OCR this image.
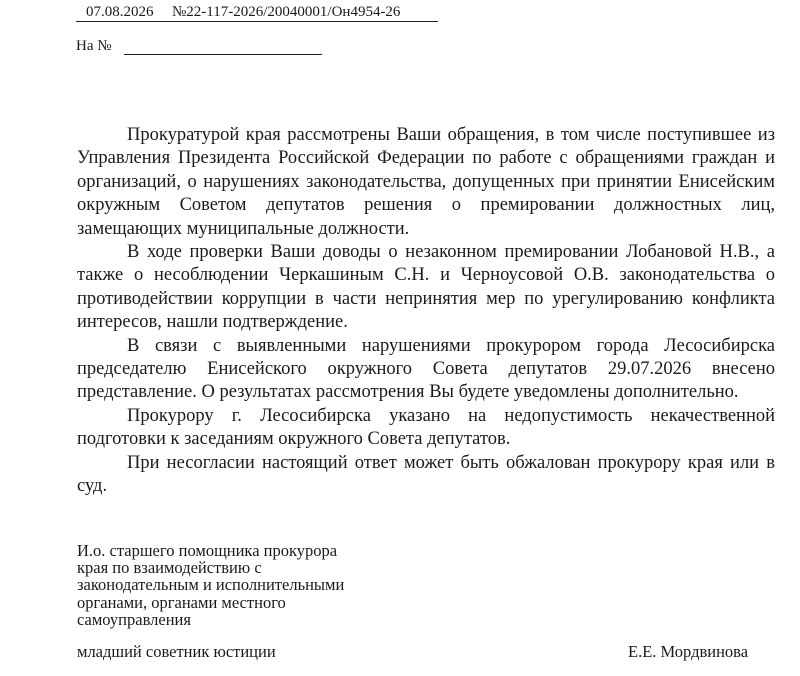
07.08.2026 №22-117-2026/20040001/Он4954-26
На №

Прокуратурой края рассмотрены Ваши обращения, в том числе поступившее из Управления Президента Российской Федерации по работе с обращениями граждан и организаций, о нарушениях законодательства, допущенных при принятии Енисейским окружным Советом депутатов решения о премировании должностных лиц, замещающих муниципальные должности.

В ходе проверки Ваши доводы о незаконном премировании Лобановой Н.В., а также о несоблюдении Черкашиным С.Н. и Черноусовой О.В. законодательства о противодействии коррупции в части непринятия мер по урегулированию конфликта интересов, нашли подтверждение.

В связи с выявленными нарушениями прокурором города Лесосибирска председателю Енисейского окружного Совета депутатов 29.07.2026 внесено представление. О результатах рассмотрения Вы будете уведомлены дополнительно.

Прокурору г. Лесосибирска указано на недопустимость некачественной подготовки к заседаниям окружного Совета депутатов.

При несогласии настоящий ответ может быть обжалован прокурору края или в суд.

И.о. старшего помощника прокурора
края по взаимодействию с
законодательным и исполнительными
органами, органами местного
самоуправления
младший советник юстиции	Е.Е. Мордвинова
